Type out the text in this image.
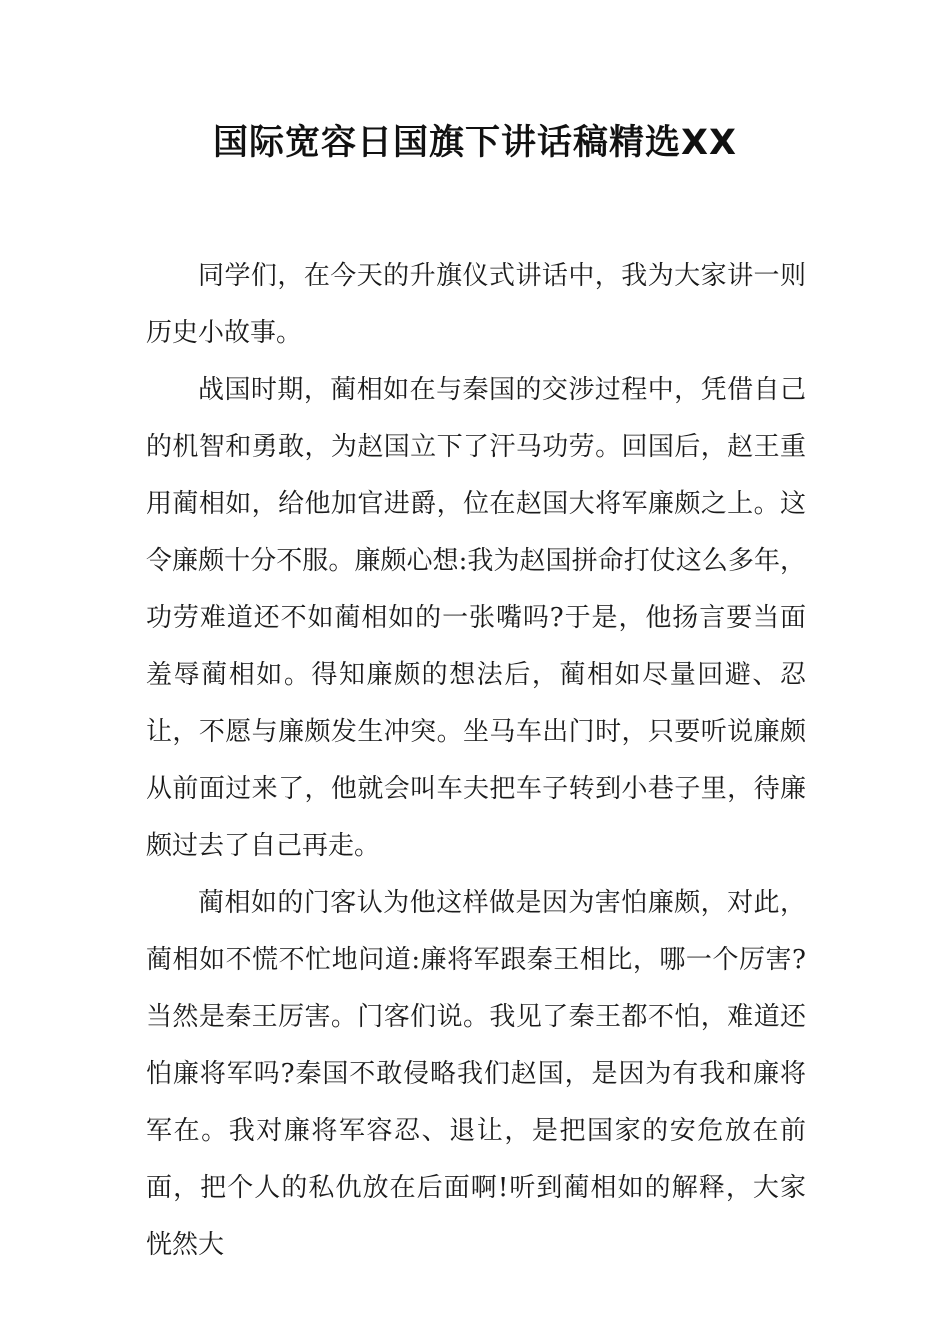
国际宽容日国旗下讲话稿精选XX

同学们，在今天的升旗仪式讲话中，我为大家讲一则历史小故事。

战国时期，蔺相如在与秦国的交涉过程中，凭借自己的机智和勇敢，为赵国立下了汗马功劳。回国后，赵王重用蔺相如，给他加官进爵，位在赵国大将军廉颇之上。这令廉颇十分不服。廉颇心想:我为赵国拼命打仗这么多年，功劳难道还不如蔺相如的一张嘴吗?于是，他扬言要当面羞辱蔺相如。得知廉颇的想法后，蔺相如尽量回避、忍让，不愿与廉颇发生冲突。坐马车出门时，只要听说廉颇从前面过来了，他就会叫车夫把车子转到小巷子里，待廉颇过去了自己再走。

蔺相如的门客认为他这样做是因为害怕廉颇，对此，蔺相如不慌不忙地问道:廉将军跟秦王相比，哪一个厉害?当然是秦王厉害。门客们说。我见了秦王都不怕，难道还怕廉将军吗?秦国不敢侵略我们赵国，是因为有我和廉将军在。我对廉将军容忍、退让，是把国家的安危放在前面，把个人的私仇放在后面啊!听到蔺相如的解释，大家恍然大
